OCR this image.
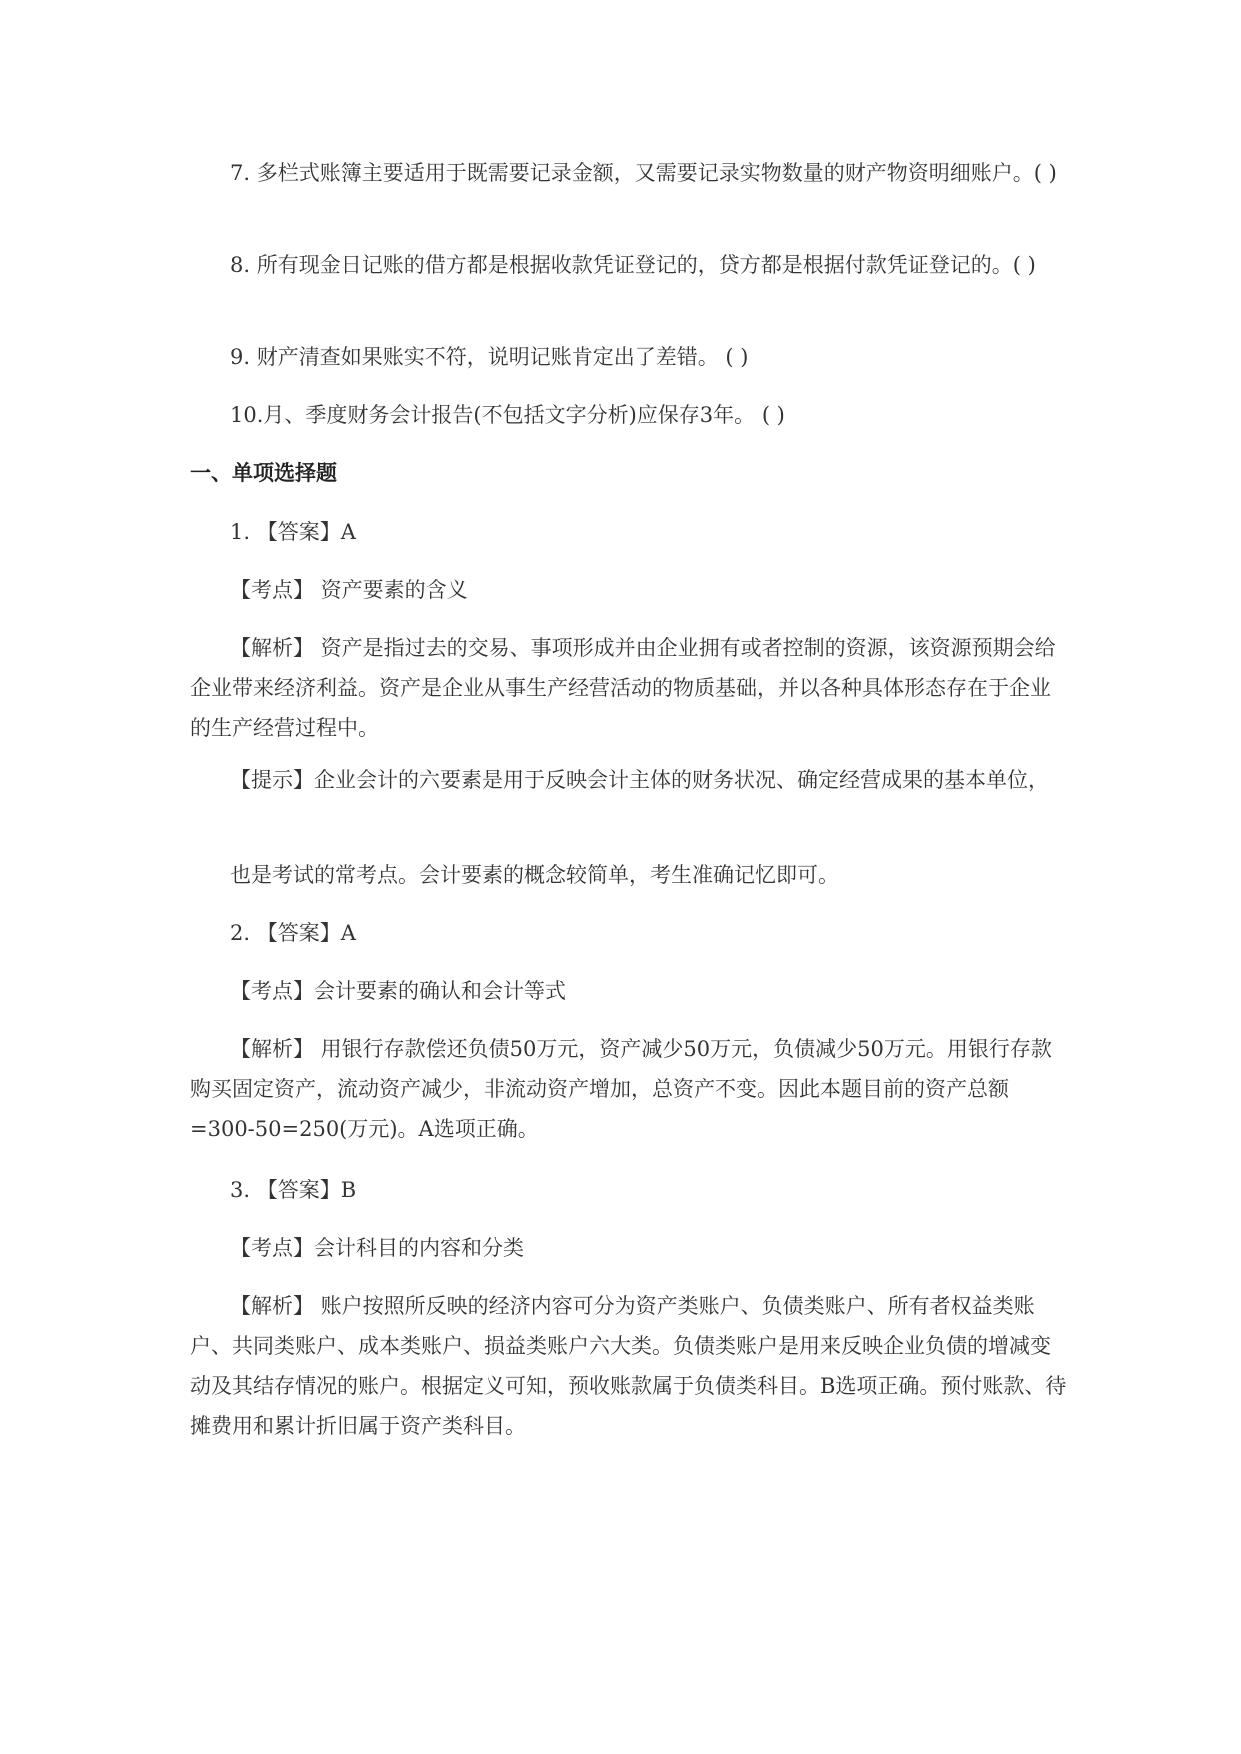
7. 多栏式账簿主要适用于既需要记录金额，又需要记录实物数量的财产物资明细账户。( )

8. 所有现金日记账的借方都是根据收款凭证登记的，贷方都是根据付款凭证登记的。( )

9. 财产清查如果账实不符，说明记账肯定出了差错。 ( )

10.月、季度财务会计报告(不包括文字分析)应保存3年。 ( )

一、单项选择题

1. 【答案】A

【考点】 资产要素的含义

【解析】 资产是指过去的交易、事项形成并由企业拥有或者控制的资源，该资源预期会给企业带来经济利益。资产是企业从事生产经营活动的物质基础，并以各种具体形态存在于企业的生产经营过程中。

【提示】企业会计的六要素是用于反映会计主体的财务状况、确定经营成果的基本单位，

也是考试的常考点。会计要素的概念较简单，考生准确记忆即可。

2. 【答案】A

【考点】会计要素的确认和会计等式

【解析】 用银行存款偿还负债50万元，资产减少50万元，负债减少50万元。用银行存款购买固定资产，流动资产减少，非流动资产增加，总资产不变。因此本题目前的资产总额=300-50=250(万元)。A选项正确。

3. 【答案】B

【考点】会计科目的内容和分类

【解析】 账户按照所反映的经济内容可分为资产类账户、负债类账户、所有者权益类账户、共同类账户、成本类账户、损益类账户六大类。负债类账户是用来反映企业负债的增减变动及其结存情况的账户。根据定义可知，预收账款属于负债类科目。B选项正确。预付账款、待摊费用和累计折旧属于资产类科目。
